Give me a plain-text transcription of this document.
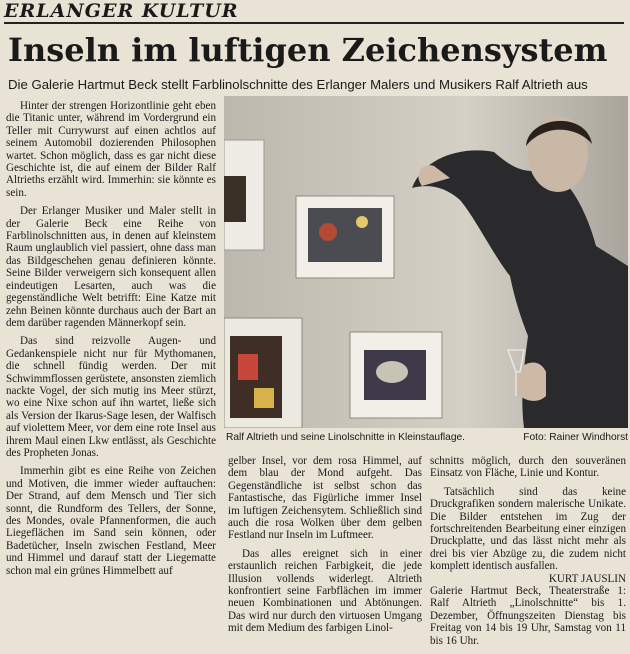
ERLANGER KULTUR
Inseln im luftigen Zeichensystem
Die Galerie Hartmut Beck stellt Farblinolschnitte des Erlanger Malers und Musikers Ralf Altrieth aus

Hinter der strengen Horizontlinie geht eben die Titanic unter, während im Vordergrund ein Teller mit Currywurst auf einen achtlos auf seinem Automobil dozierenden Philosophen wartet. Schon möglich, dass es gar nicht diese Geschichte ist, die auf einem der Bilder Ralf Altrieths erzählt wird. Immerhin: sie könnte es sein.

Der Erlanger Musiker und Maler stellt in der Galerie Beck eine Reihe von Farblinolschnitten aus, in denen auf kleinstem Raum unglaublich viel passiert, ohne dass man das Bildgeschehen genau definieren könnte. Seine Bilder verweigern sich konsequent allen eindeutigen Lesarten, auch was die gegenständliche Welt betrifft: Eine Katze mit zehn Beinen könnte durchaus auch der Bart an dem darüber ragenden Männerkopf sein.

Das sind reizvolle Augen- und Gedankenspiele nicht nur für Mythomanen, die schnell fündig werden. Der mit Schwimmflossen gerüstete, ansonsten ziemlich nackte Vogel, der sich mutig ins Meer stürzt, wo eine Nixe schon auf ihn wartet, ließe sich als Version der Ikarus-Sage lesen, der Walfisch auf violettem Meer, vor dem eine rote Insel aus ihrem Maul einen Lkw entlässt, als Geschichte des Propheten Jonas.

Immerhin gibt es eine Reihe von Zeichen und Motiven, die immer wieder auftauchen: Der Strand, auf dem Mensch und Tier sich sonnt, die Rundform des Tellers, der Sonne, des Mondes, ovale Pfannenformen, die auch Liegeflächen im Sand sein können, oder Badetücher, Inseln zwischen Festland, Meer und Himmel und darauf statt der Liegematte schon mal ein grünes Himmelbett auf

Ralf Altrieth und seine Linolschnitte in Kleinstauflage.	Foto: Rainer Windhorst

gelber Insel, vor dem rosa Himmel, auf dem blau der Mond aufgeht. Das Gegenständliche ist selbst schon das Fantastische, das Figürliche immer Insel im luftigen Zeichensytem. Schließlich sind auch die rosa Wolken über dem gelben Festland nur Inseln im Luftmeer.

Das alles ereignet sich in einer erstaunlich reichen Farbigkeit, die jede Illusion vollends widerlegt. Altrieth konfrontiert seine Farbflächen im immer neuen Kombinationen und Abtönungen. Das wird nur durch den virtuosen Umgang mit dem Medium des farbigen Linol-

schnitts möglich, durch den souveränen Einsatz von Fläche, Linie und Kontur.

Tatsächlich sind das keine Druckgrafiken sondern malerische Unikate. Die Bilder entstehen im Zug der fortschreitenden Bearbeitung einer einzigen Druckplatte, und das lässt nicht mehr als drei bis vier Abzüge zu, die zudem nicht komplett identisch ausfallen.

KURT JAUSLIN

Galerie Hartmut Beck, Theaterstraße 1: Ralf Altrieth „Linolschnitte“ bis 1. Dezember, Öffnungszeiten Dienstag bis Freitag von 14 bis 19 Uhr, Samstag von 11 bis 16 Uhr.
